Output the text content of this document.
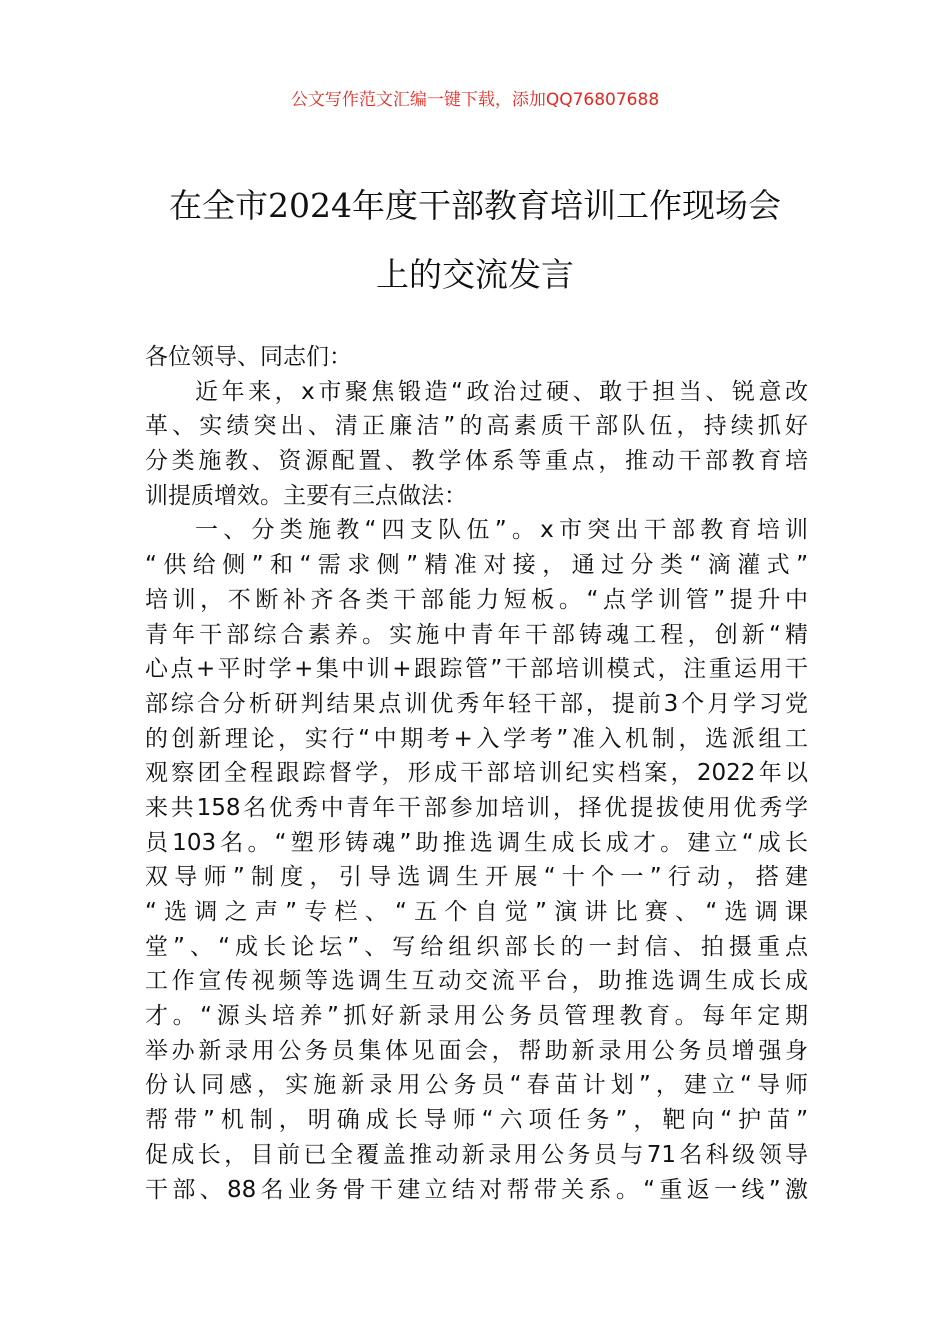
公文写作范文汇编一键下载，添加QQ76807688
在全市2024年度干部教育培训工作现场会
上的交流发言
各位领导、同志们：
近年来，x市聚焦锻造“政治过硬、敢于担当、锐意改
革、实绩突出、清正廉洁”的高素质干部队伍，持续抓好
分类施教、资源配置、教学体系等重点，推动干部教育培
训提质增效。主要有三点做法：
一、分类施教“四支队伍”。x市突出干部教育培训
“供给侧”和“需求侧”精准对接，通过分类“滴灌式”
培训，不断补齐各类干部能力短板。“点学训管”提升中
青年干部综合素养。实施中青年干部铸魂工程，创新“精
心点+平时学+集中训+跟踪管”干部培训模式，注重运用干
部综合分析研判结果点训优秀年轻干部，提前3个月学习党
的创新理论，实行“中期考+入学考”准入机制，选派组工
观察团全程跟踪督学，形成干部培训纪实档案，2022年以
来共158名优秀中青年干部参加培训，择优提拔使用优秀学
员103名。“塑形铸魂”助推选调生成长成才。建立“成长
双导师”制度，引导选调生开展“十个一”行动，搭建
“选调之声”专栏、“五个自觉”演讲比赛、“选调课
堂”、“成长论坛”、写给组织部长的一封信、拍摄重点
工作宣传视频等选调生互动交流平台，助推选调生成长成
才。“源头培养”抓好新录用公务员管理教育。每年定期
举办新录用公务员集体见面会，帮助新录用公务员增强身
份认同感，实施新录用公务员“春苗计划”，建立“导师
帮带”机制，明确成长导师“六项任务”，靶向“护苗”
促成长，目前已全覆盖推动新录用公务员与71名科级领导
干部、88名业务骨干建立结对帮带关系。“重返一线”激
